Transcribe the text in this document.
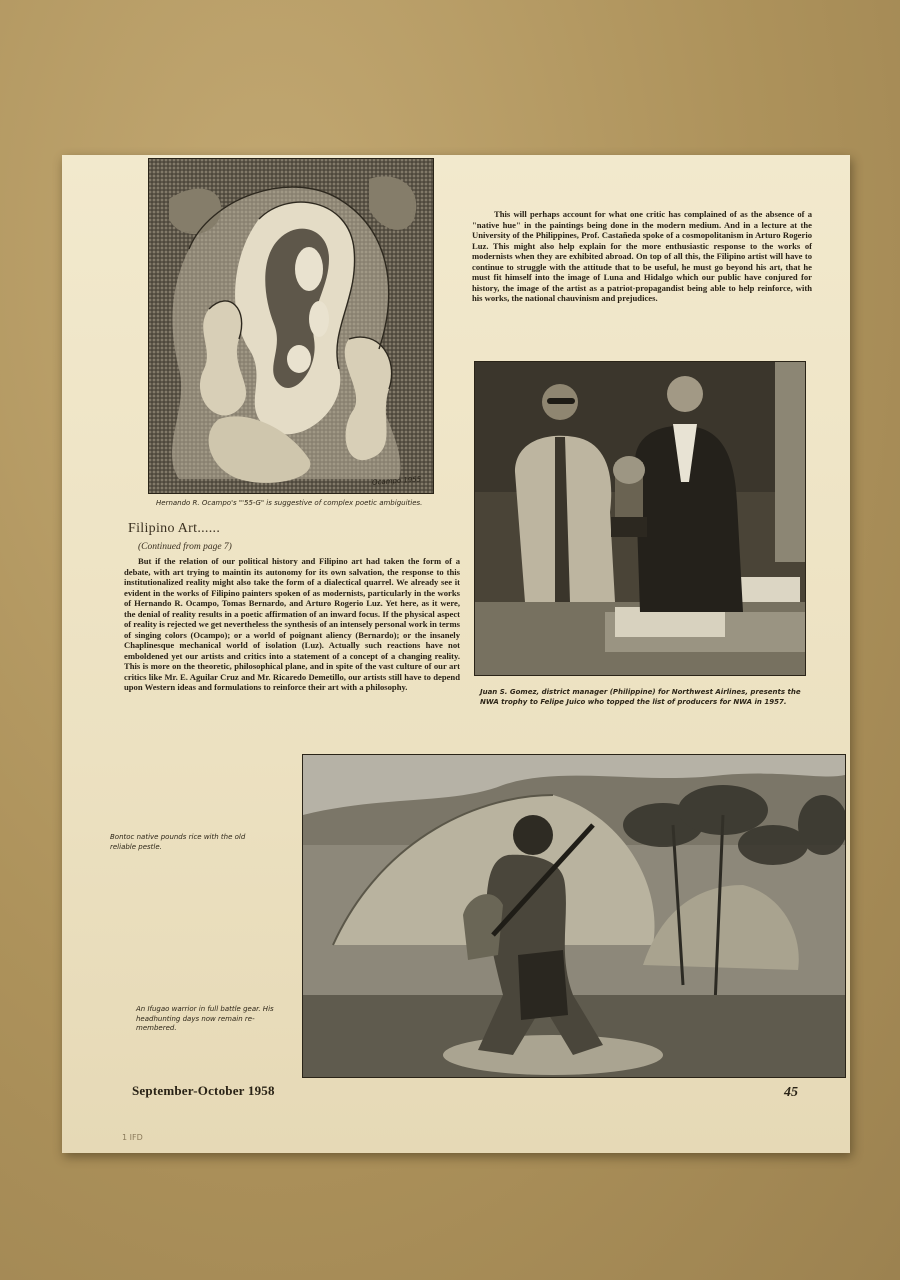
Ocampo 1955
Hernando R. Ocampo's "'55-G" is suggestive of complex poetic ambiguities.
Filipino Art......
(Continued from page 7)
But if the relation of our political history and Filipino art had taken the form of a debate, with art trying to maintin its autonomy for its own salvation, the response to this institutionalized reality might also take the form of a dialectical quarrel. We already see it evident in the works of Filipino painters spoken of as modernists, particularly in the works of Hernando R. Ocampo, Tomas Bernardo, and Arturo Rogerio Luz. Yet here, as it were, the denial of reality results in a poetic affirmation of an inward focus. If the physical aspect of reality is rejected we get nevertheless the synthesis of an intensely personal work in terms of singing colors (Ocampo); or a world of poignant aliency (Bernardo); or the insanely Chaplinesque mechanical world of isolation (Luz). Actually such reactions have not emboldened yet our artists and critics into a statement of a concept of a changing reality. This is more on the theoretic, philosophical plane, and in spite of the vast culture of our art critics like Mr. E. Aguilar Cruz and Mr. Ricaredo Demetillo, our artists still have to depend upon Western ideas and formulations to reinforce their art with a philosophy.
This will perhaps account for what one critic has complained of as the absence of a "native hue" in the paintings being done in the modern medium. And in a lecture at the University of the Philippines, Prof. Castañeda spoke of a cosmopolitanism in Arturo Rogerio Luz. This might also help explain for the more enthusiastic response to the works of modernists when they are exhibited abroad. On top of all this, the Filipino artist will have to continue to struggle with the attitude that to be useful, he must go beyond his art, that he must fit himself into the image of Luna and Hidalgo which our public have conjured for history, the image of the artist as a patriot-propagandist being able to help reinforce, with his works, the national chauvinism and prejudices.
Juan S. Gomez, district manager (Philippine) for Northwest Airlines, presents the NWA trophy to Felipe Juico who topped the list of producers for NWA in 1957.
Bontoc native pounds rice with the old reliable pestle.
An Ifugao warrior in full battle gear. His headhunting days now remain re-membered.
September-October 1958	45
1 IFD
